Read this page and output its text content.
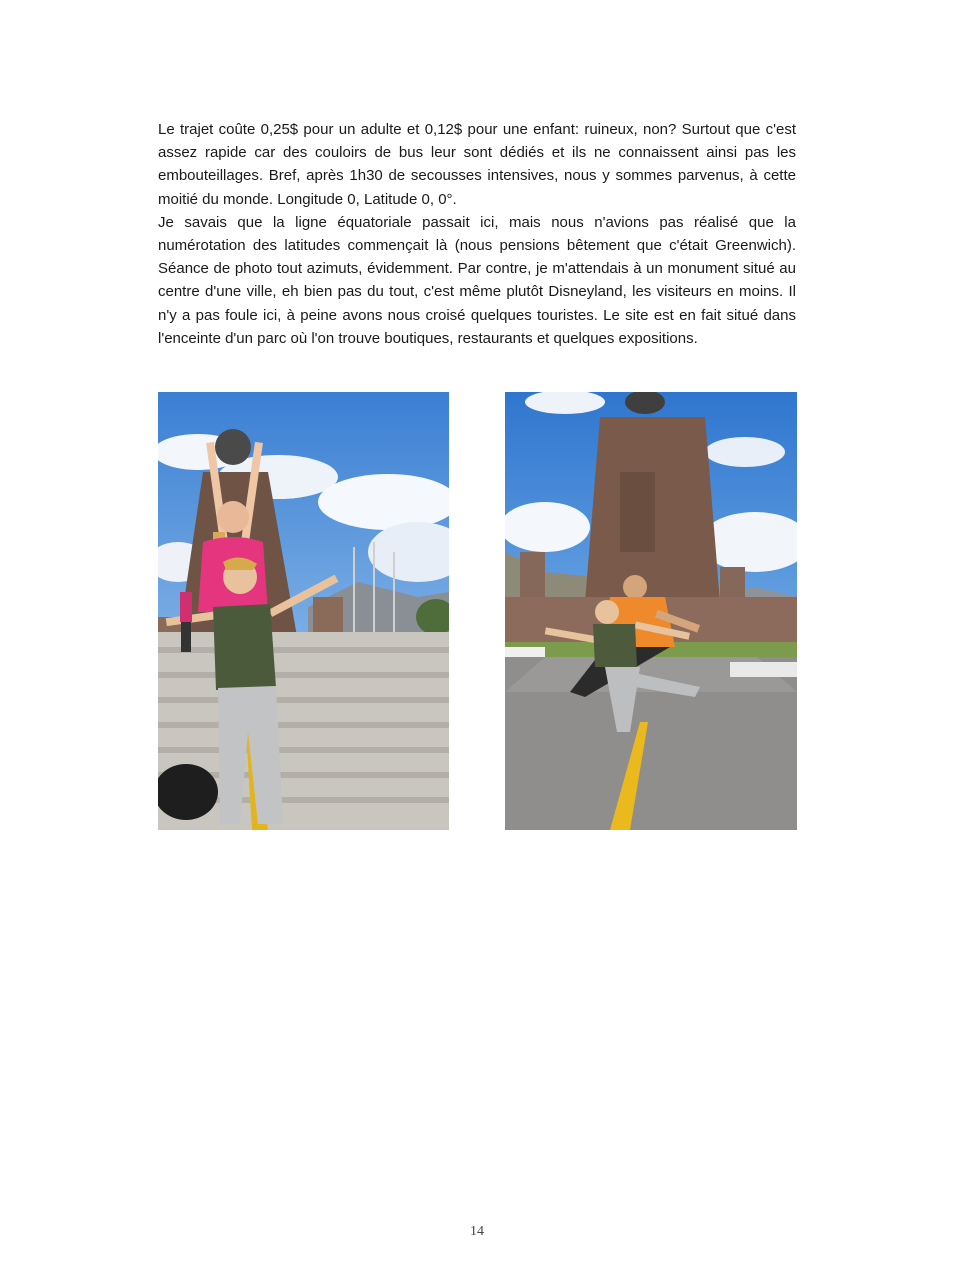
Le trajet coûte 0,25$ pour un adulte et 0,12$ pour une enfant: ruineux, non? Surtout que c'est assez rapide car des couloirs de bus leur sont dédiés et ils ne connaissent ainsi pas les embouteillages. Bref, après 1h30 de secousses intensives, nous y sommes parvenus, à cette moitié du monde. Longitude 0, Latitude 0, 0°.

Je savais que la ligne équatoriale passait ici, mais nous n'avions pas réalisé que la numérotation des latitudes commençait là (nous pensions bêtement que c'était Greenwich). Séance de photo tout azimuts, évidemment. Par contre, je m'attendais à un monument situé au centre d'une ville, eh bien pas du tout, c'est même plutôt Disneyland, les visiteurs en moins. Il n'y a pas foule ici, à peine avons nous croisé quelques touristes. Le site est en fait situé dans l'enceinte d'un parc où l'on trouve boutiques, restaurants et quelques expositions.

14
